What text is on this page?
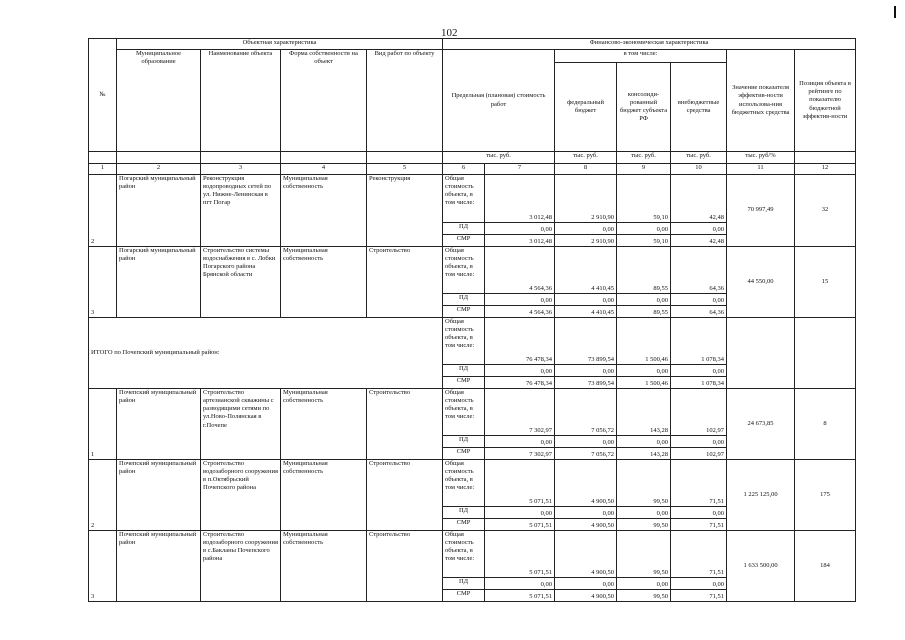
102
№	Объектная характеристика				Финансово-экономическая характеристика						
	Муниципальное образование	Наименование объекта	Форма собственности на объект	Вид работ по объекту	Предельная (плановая) стоимость работ		в том числе:			Значение показателя эффектив-ности использова-ния бюджетных средства	Позиция объекта в рейтинге по показателю бюджетной эффектив-ности
							федеральный бюджет	консолиди-рованный бюджет субъекта РФ	внебюджетные средства		
					тыс. руб.		тыс. руб.	тыс. руб.	тыс. руб.	тыс. руб/%	
1	2	3	4	5	6	7	8	9	10	11	12
2	Погарский муниципальный район	Реконструкция водопроводных сетей по ул. Нижне-Ленинская в пгт Погар	Муниципальная собственность	Реконструкция	Общая стоимость объекта, в том числе:	3 012,48	2 910,90	59,10	42,48	70 997,49	32
					ПД	0,00	0,00	0,00	0,00		
					СМР	3 012,48	2 910,90	59,10	42,48		
3	Погарский муниципальный район	Строительство системы водоснабжения в с. Лобки Погарского района Брянской области	Муниципальная собственность	Строительство	Общая стоимость объекта, в том числе:	4 564,36	4 410,45	89,55	64,36	44 550,00	15
					ПД	0,00	0,00	0,00	0,00		
					СМР	4 564,36	4 410,45	89,55	64,36		
ИТОГО по Почепский муниципальный район:					Общая стоимость объекта, в том числе:	76 478,34	73 899,54	1 500,46	1 078,34		
					ПД	0,00	0,00	0,00	0,00		
					СМР	76 478,34	73 899,54	1 500,46	1 078,34		
1	Почепский муниципальный район	Строительство артезианской скважины с разводящими сетями по ул.Ново-Полянская в г.Почепе	Муниципальная собственность	Строительство	Общая стоимость объекта, в том числе:	7 302,97	7 056,72	143,28	102,97	24 673,85	8
					ПД	0,00	0,00	0,00	0,00		
					СМР	7 302,97	7 056,72	143,28	102,97		
2	Почепский муниципальный район	Строительство водозаборного сооружения в п.Октябрьский Почепского района	Муниципальная собственность	Строительство	Общая стоимость объекта, в том числе:	5 071,51	4 900,50	99,50	71,51	1 225 125,00	175
					ПД	0,00	0,00	0,00	0,00		
					СМР	5 071,51	4 900,50	99,50	71,51		
3	Почепский муниципальный район	Строительство водозаборного сооружения в с.Бакланы Почепского района	Муниципальная собственность	Строительство	Общая стоимость объекта, в том числе:	5 071,51	4 900,50	99,50	71,51	1 633 500,00	184
					ПД	0,00	0,00	0,00	0,00		
					СМР	5 071,51	4 900,50	99,50	71,51		
